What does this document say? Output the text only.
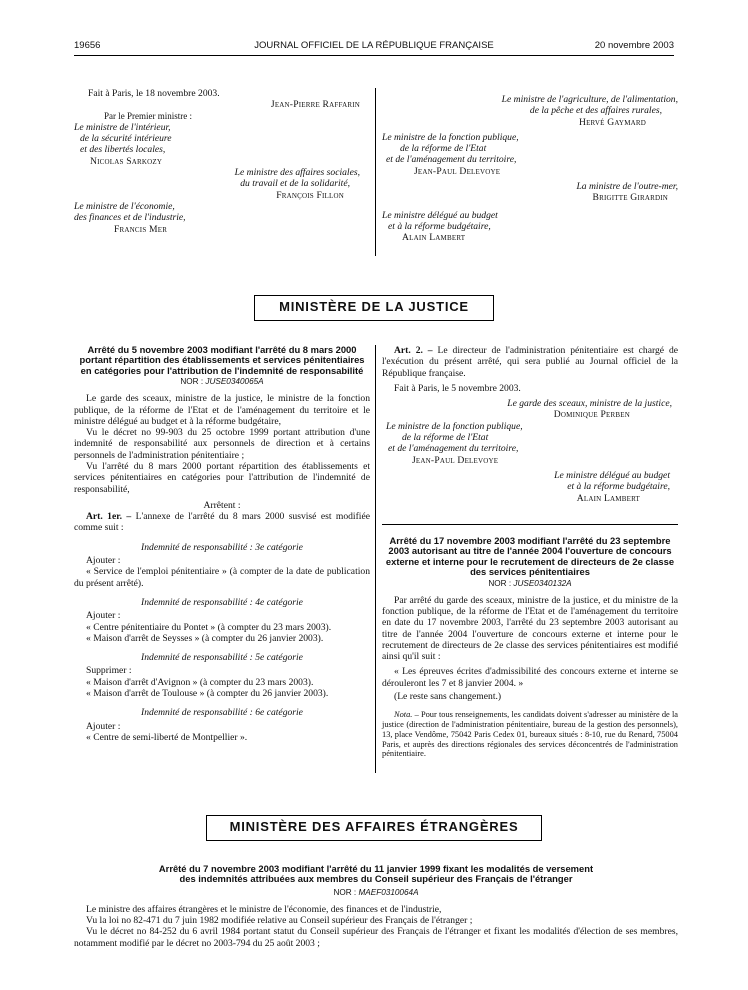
19656	JOURNAL OFFICIEL DE LA RÉPUBLIQUE FRANÇAISE	20 novembre 2003

Fait à Paris, le 18 novembre 2003.

Jean-Pierre Raffarin

Par le Premier ministre :

Le ministre de l'intérieur,

de la sécurité intérieure

et des libertés locales,

Nicolas Sarkozy

Le ministre des affaires sociales,

du travail et de la solidarité,

François Fillon

Le ministre de l'économie,

des finances et de l'industrie,

Francis Mer

Le ministre de l'agriculture, de l'alimentation,

de la pêche et des affaires rurales,

Hervé Gaymard

Le ministre de la fonction publique,

de la réforme de l'Etat

et de l'aménagement du territoire,

Jean-Paul Delevoye

La ministre de l'outre-mer,

Brigitte Girardin

Le ministre délégué au budget

et à la réforme budgétaire,

Alain Lambert

MINISTÈRE DE LA JUSTICE

Arrêté du 5 novembre 2003 modifiant l'arrêté du 8 mars 2000 portant répartition des établissements et services pénitentiaires en catégories pour l'attribution de l'indemnité de responsabilité

NOR : JUSE0340065A

Le garde des sceaux, ministre de la justice, le ministre de la fonction publique, de la réforme de l'Etat et de l'aménagement du territoire et le ministre délégué au budget et à la réforme budgétaire,

Vu le décret no 99-903 du 25 octobre 1999 portant attribution d'une indemnité de responsabilité aux personnels de direction et à certains personnels de l'administration pénitentiaire ;

Vu l'arrêté du 8 mars 2000 portant répartition des établissements et services pénitentiaires en catégories pour l'attribution de l'indemnité de responsabilité,

Arrêtent :

Art. 1er. – L'annexe de l'arrêté du 8 mars 2000 susvisé est modifiée comme suit :

Indemnité de responsabilité : 3e catégorie

Ajouter :

« Service de l'emploi pénitentiaire » (à compter de la date de publication du présent arrêté).

Indemnité de responsabilité : 4e catégorie

Ajouter :

« Centre pénitentiaire du Pontet » (à compter du 23 mars 2003).

« Maison d'arrêt de Seysses » (à compter du 26 janvier 2003).

Indemnité de responsabilité : 5e catégorie

Supprimer :

« Maison d'arrêt d'Avignon » (à compter du 23 mars 2003).

« Maison d'arrêt de Toulouse » (à compter du 26 janvier 2003).

Indemnité de responsabilité : 6e catégorie

Ajouter :

« Centre de semi-liberté de Montpellier ».

Art. 2. – Le directeur de l'administration pénitentiaire est chargé de l'exécution du présent arrêté, qui sera publié au Journal officiel de la République française.

Fait à Paris, le 5 novembre 2003.

Le garde des sceaux, ministre de la justice,

Dominique Perben

Le ministre de la fonction publique,

de la réforme de l'Etat

et de l'aménagement du territoire,

Jean-Paul Delevoye

Le ministre délégué au budget

et à la réforme budgétaire,

Alain Lambert

Arrêté du 17 novembre 2003 modifiant l'arrêté du 23 septembre 2003 autorisant au titre de l'année 2004 l'ouverture de concours externe et interne pour le recrutement de directeurs de 2e classe des services pénitentiaires

NOR : JUSE0340132A

Par arrêté du garde des sceaux, ministre de la justice, et du ministre de la fonction publique, de la réforme de l'Etat et de l'aménagement du territoire en date du 17 novembre 2003, l'arrêté du 23 septembre 2003 autorisant au titre de l'année 2004 l'ouverture de concours externe et interne pour le recrutement de directeurs de 2e classe des services pénitentiaires est modifié ainsi qu'il suit :

« Les épreuves écrites d'admissibilité des concours externe et interne se dérouleront les 7 et 8 janvier 2004. »

(Le reste sans changement.)

Nota. – Pour tous renseignements, les candidats doivent s'adresser au ministère de la justice (direction de l'administration pénitentiaire, bureau de la gestion des personnels), 13, place Vendôme, 75042 Paris Cedex 01, bureaux situés : 8-10, rue du Renard, 75004 Paris, et auprès des directions régionales des services déconcentrés de l'administration pénitentiaire.

MINISTÈRE DES AFFAIRES ÉTRANGÈRES

Arrêté du 7 novembre 2003 modifiant l'arrêté du 11 janvier 1999 fixant les modalités de versement

des indemnités attribuées aux membres du Conseil supérieur des Français de l'étranger

NOR : MAEF0310064A

Le ministre des affaires étrangères et le ministre de l'économie, des finances et de l'industrie,

Vu la loi no 82-471 du 7 juin 1982 modifiée relative au Conseil supérieur des Français de l'étranger ;

Vu le décret no 84-252 du 6 avril 1984 portant statut du Conseil supérieur des Français de l'étranger et fixant les modalités d'élection de ses membres, notamment modifié par le décret no 2003-794 du 25 août 2003 ;
